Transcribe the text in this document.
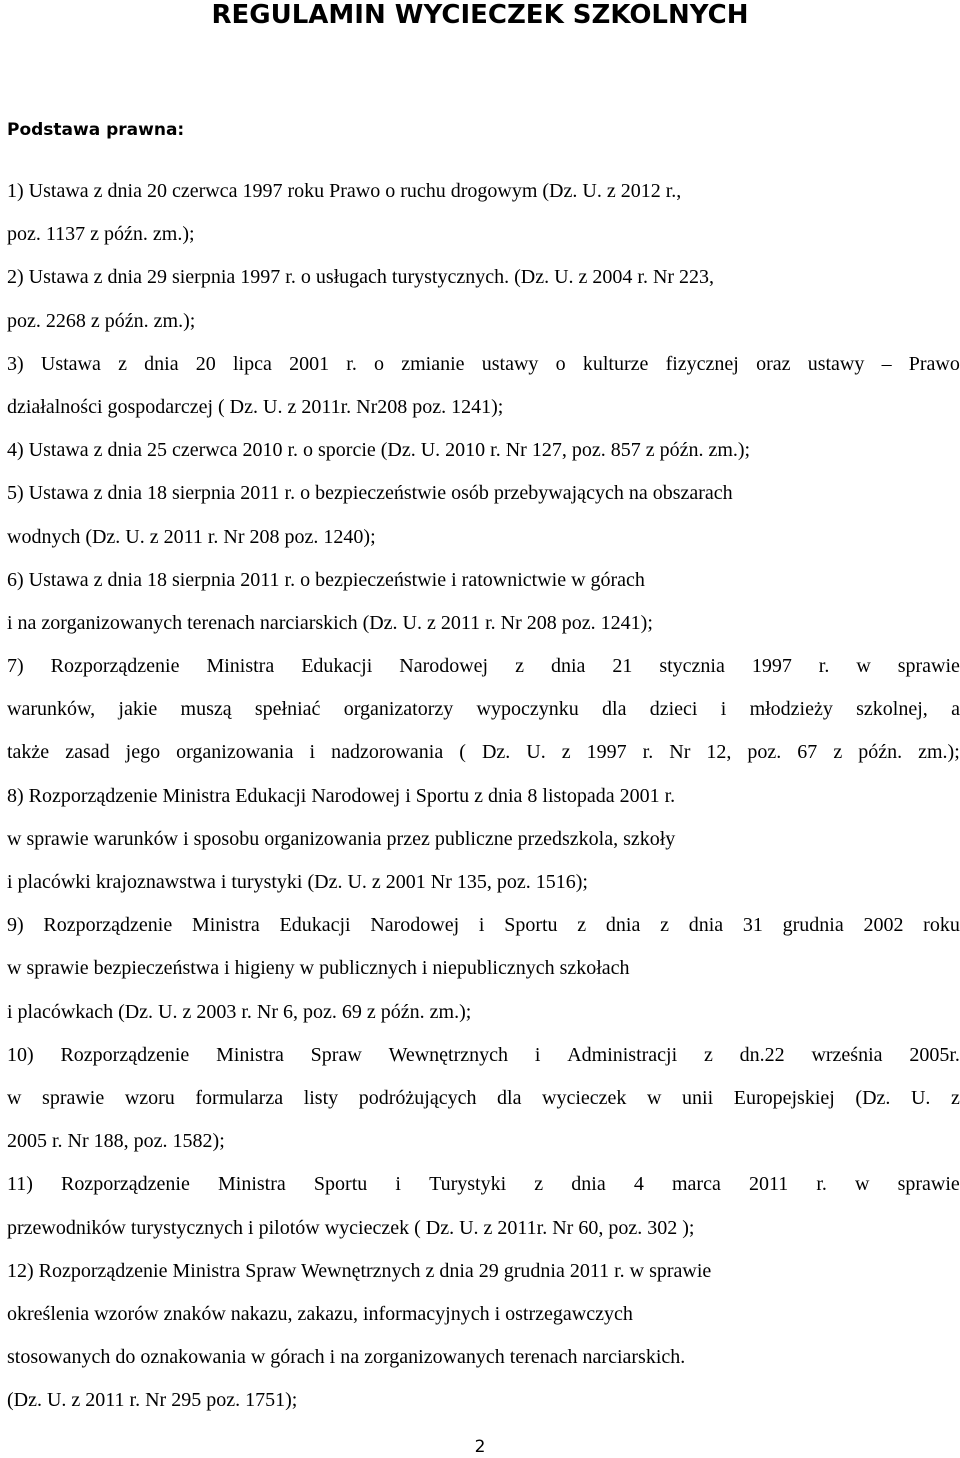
REGULAMIN WYCIECZEK SZKOLNYCH
Podstawa prawna:
1) Ustawa z dnia 20 czerwca 1997 roku Prawo o ruchu drogowym (Dz. U. z 2012 r.,
poz. 1137 z późn. zm.);
2) Ustawa z dnia 29 sierpnia 1997 r. o usługach turystycznych. (Dz. U. z 2004 r. Nr 223,
poz. 2268 z późn. zm.);
3) Ustawa z dnia 20 lipca 2001 r. o zmianie ustawy o kulturze fizycznej oraz ustawy – Prawo
działalności gospodarczej ( Dz. U. z 2011r. Nr208 poz. 1241);
4) Ustawa z dnia 25 czerwca 2010 r. o sporcie (Dz. U. 2010 r. Nr 127, poz. 857 z późn. zm.);
5) Ustawa z dnia 18 sierpnia 2011 r. o bezpieczeństwie osób przebywających na obszarach
wodnych (Dz. U. z 2011 r. Nr 208 poz. 1240);
6) Ustawa z dnia 18 sierpnia 2011 r. o bezpieczeństwie i ratownictwie w górach
i na zorganizowanych terenach narciarskich (Dz. U. z 2011 r. Nr 208 poz. 1241);
7) Rozporządzenie Ministra Edukacji Narodowej z dnia 21 stycznia 1997 r. w sprawie
warunków, jakie muszą spełniać organizatorzy wypoczynku dla dzieci i młodzieży szkolnej, a
także zasad jego organizowania i nadzorowania ( Dz. U. z 1997 r. Nr 12, poz. 67 z późn. zm.);
8) Rozporządzenie Ministra Edukacji Narodowej i Sportu z dnia 8 listopada 2001 r.
w sprawie warunków i sposobu organizowania przez publiczne przedszkola, szkoły
i placówki krajoznawstwa i turystyki (Dz. U. z 2001 Nr 135, poz. 1516);
9) Rozporządzenie Ministra Edukacji Narodowej i Sportu z dnia z dnia 31 grudnia 2002 roku
w sprawie bezpieczeństwa i higieny w publicznych i niepublicznych szkołach
i placówkach (Dz. U. z 2003 r. Nr 6, poz. 69 z późn. zm.);
10) Rozporządzenie Ministra Spraw Wewnętrznych i Administracji z dn.22 września 2005r.
w sprawie wzoru formularza listy podróżujących dla wycieczek w unii Europejskiej (Dz. U. z
2005 r. Nr 188, poz. 1582);
11) Rozporządzenie Ministra Sportu i Turystyki z dnia 4 marca 2011 r. w sprawie
przewodników turystycznych i pilotów wycieczek ( Dz. U. z 2011r. Nr 60, poz. 302 );
12) Rozporządzenie Ministra Spraw Wewnętrznych z dnia 29 grudnia 2011 r. w sprawie
określenia wzorów znaków nakazu, zakazu, informacyjnych i ostrzegawczych
stosowanych do oznakowania w górach i na zorganizowanych terenach narciarskich.
(Dz. U. z 2011 r. Nr 295 poz. 1751);
2
